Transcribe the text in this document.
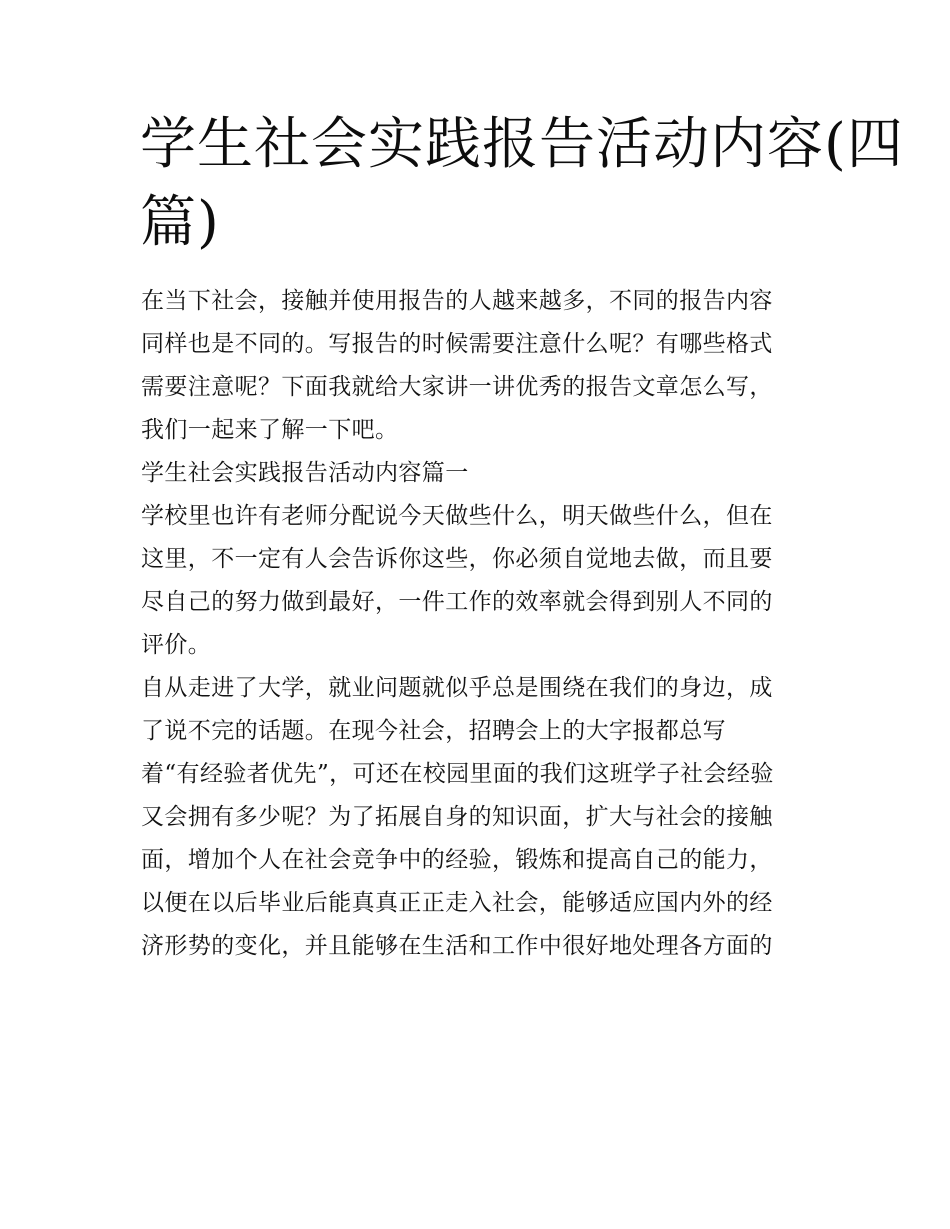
学生社会实践报告活动内容(四
篇)

在当下社会，接触并使用报告的人越来越多，不同的报告内容
同样也是不同的。写报告的时候需要注意什么呢？有哪些格式
需要注意呢？下面我就给大家讲一讲优秀的报告文章怎么写，
我们一起来了解一下吧。

学生社会实践报告活动内容篇一

学校里也许有老师分配说今天做些什么，明天做些什么，但在
这里，不一定有人会告诉你这些，你必须自觉地去做，而且要
尽自己的努力做到最好，一件工作的效率就会得到别人不同的
评价。

自从走进了大学，就业问题就似乎总是围绕在我们的身边，成
了说不完的话题。在现今社会，招聘会上的大字报都总写
着“有经验者优先”，可还在校园里面的我们这班学子社会经验
又会拥有多少呢？为了拓展自身的知识面，扩大与社会的接触
面，增加个人在社会竞争中的经验，锻炼和提高自己的能力，
以便在以后毕业后能真真正正走入社会，能够适应国内外的经
济形势的变化，并且能够在生活和工作中很好地处理各方面的
